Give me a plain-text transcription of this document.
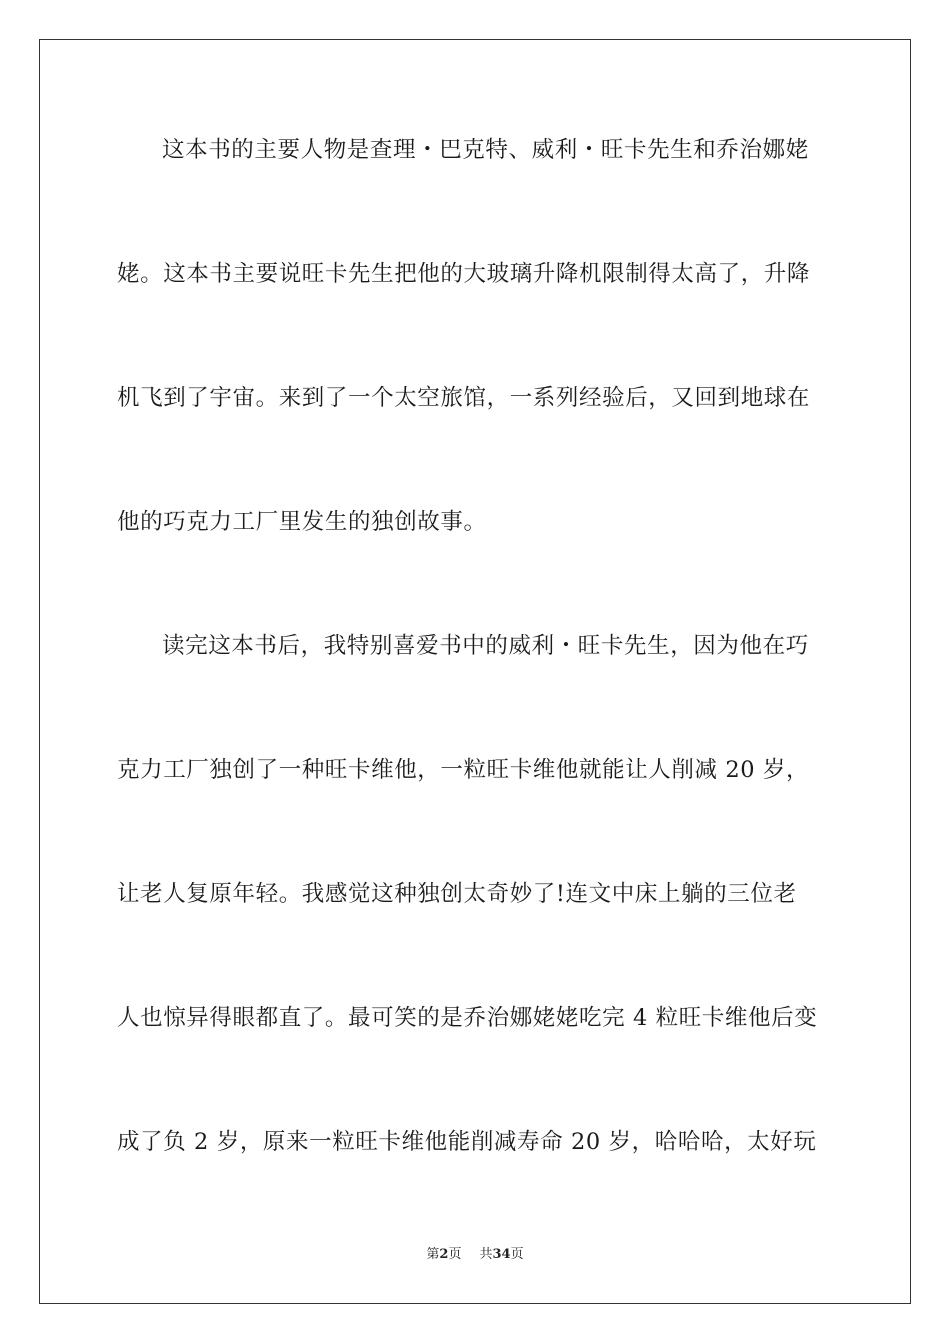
这本书的主要人物是查理・巴克特、威利・旺卡先生和乔治娜姥
姥。这本书主要说旺卡先生把他的大玻璃升降机限制得太高了，升降
机飞到了宇宙。来到了一个太空旅馆，一系列经验后，又回到地球在
他的巧克力工厂里发生的独创故事。
读完这本书后，我特别喜爱书中的威利・旺卡先生，因为他在巧
克力工厂独创了一种旺卡维他，一粒旺卡维他就能让人削减 20 岁，
让老人复原年轻。我感觉这种独创太奇妙了!连文中床上躺的三位老
人也惊异得眼都直了。最可笑的是乔治娜姥姥吃完 4 粒旺卡维他后变
成了负 2 岁，原来一粒旺卡维他能削减寿命 20 岁，哈哈哈，太好玩
第2页 共34页
